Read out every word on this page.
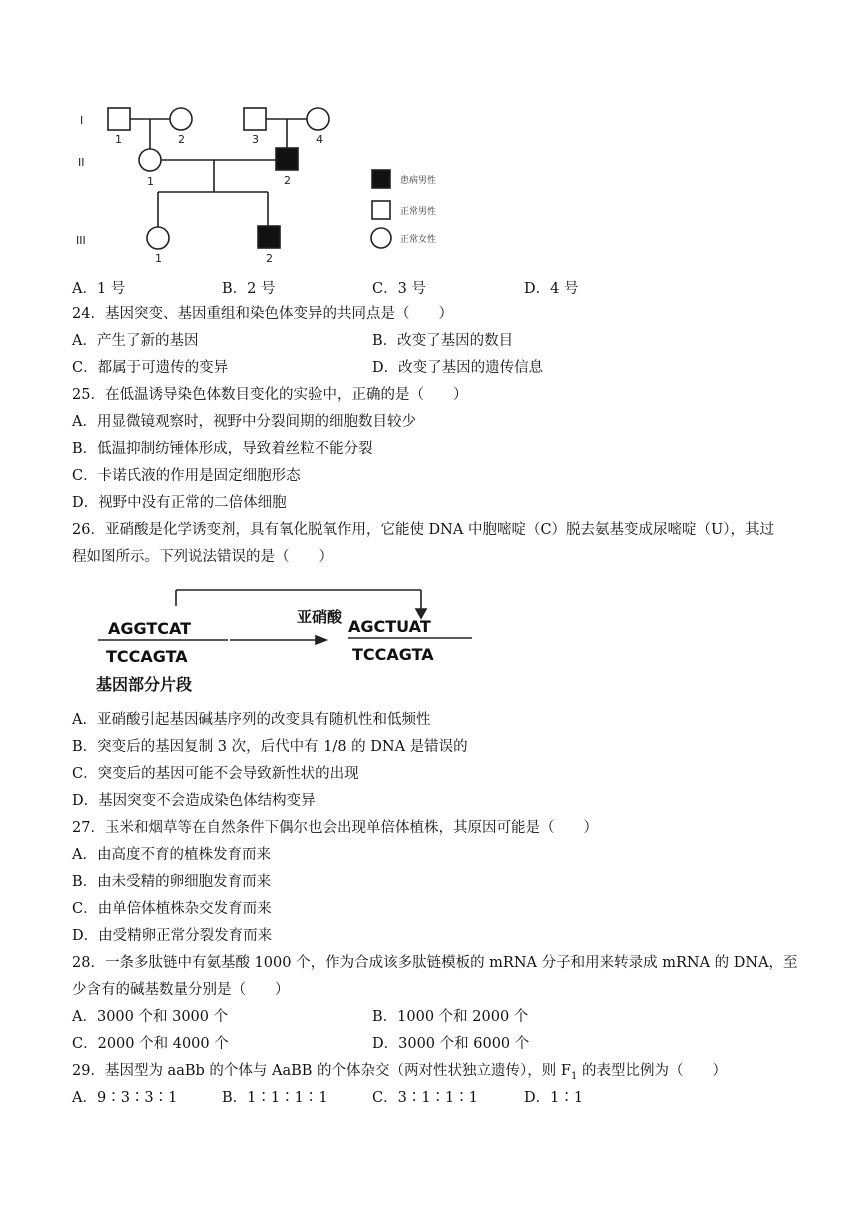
I
II
III
1	2	3	4
1	2
1	2
患病男性
正常男性
正常女性
A．1 号	B．2 号	C．3 号	D．4 号
24．基因突变、基因重组和染色体变异的共同点是（　　）
A．产生了新的基因	B．改变了基因的数目
C．都属于可遗传的变异	D．改变了基因的遗传信息
25．在低温诱导染色体数目变化的实验中，正确的是（　　）
A．用显微镜观察时，视野中分裂间期的细胞数目较少
B．低温抑制纺锤体形成，导致着丝粒不能分裂
C．卡诺氏液的作用是固定细胞形态
D．视野中没有正常的二倍体细胞
26．亚硝酸是化学诱变剂，具有氧化脱氧作用，它能使 DNA 中胞嘧啶（C）脱去氨基变成尿嘧啶（U），其过
程如图所示。下列说法错误的是（　　）
亚硝酸
AGGTCAT
TCCAGTA
AGCTUAT
TCCAGTA
基因部分片段
A．亚硝酸引起基因碱基序列的改变具有随机性和低频性
B．突变后的基因复制 3 次，后代中有 1/8 的 DNA 是错误的
C．突变后的基因可能不会导致新性状的出现
D．基因突变不会造成染色体结构变异
27．玉米和烟草等在自然条件下偶尔也会出现单倍体植株，其原因可能是（　　）
A．由高度不育的植株发育而来
B．由未受精的卵细胞发育而来
C．由单倍体植株杂交发育而来
D．由受精卵正常分裂发育而来
28．一条多肽链中有氨基酸 1000 个，作为合成该多肽链模板的 mRNA 分子和用来转录成 mRNA 的 DNA，至
少含有的碱基数量分别是（　　）
A．3000 个和 3000 个	B．1000 个和 2000 个
C．2000 个和 4000 个	D．3000 个和 6000 个
29．基因型为 aaBb 的个体与 AaBB 的个体杂交（两对性状独立遗传），则 $F_1$ 的表型比例为（　　）
A．9∶3∶3∶1	B．1∶1∶1∶1	C．3∶1∶1∶1	D．1∶1
